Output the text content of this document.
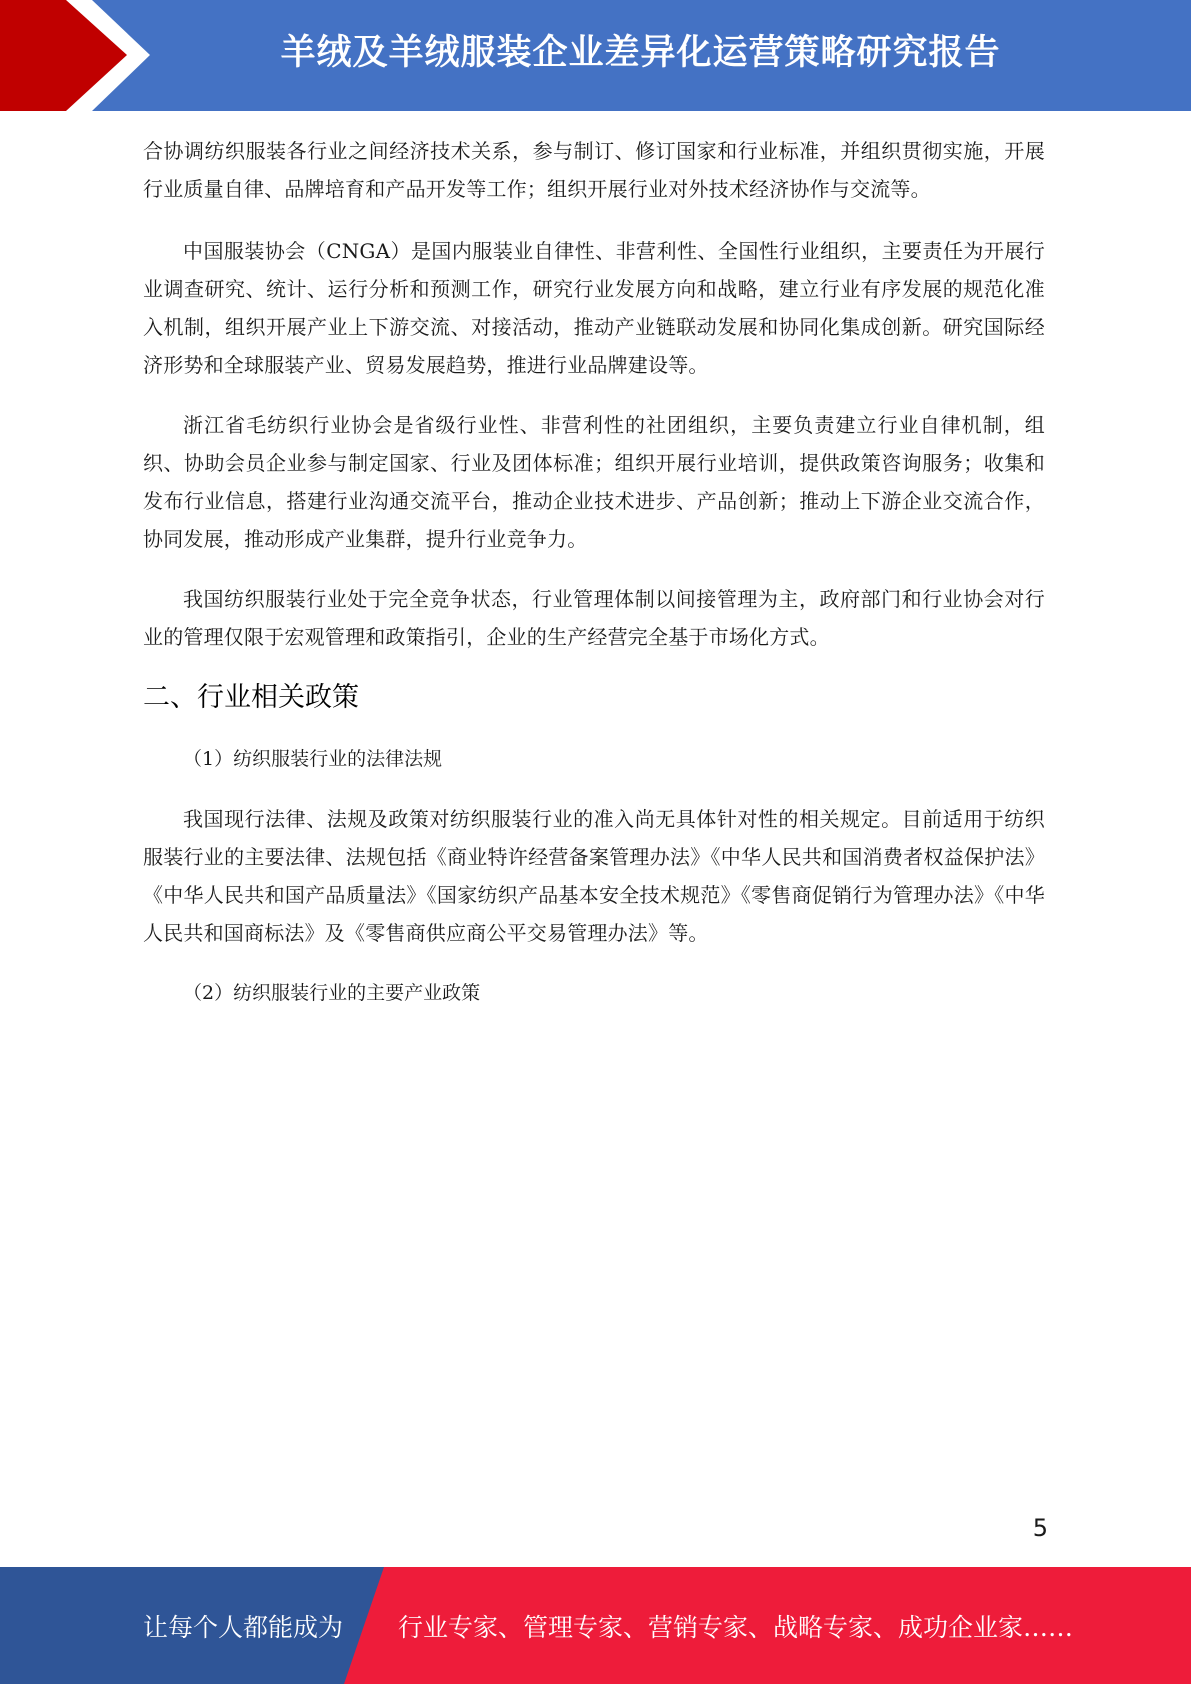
羊绒及羊绒服装企业差异化运营策略研究报告

合协调纺织服装各行业之间经济技术关系，参与制订、修订国家和行业标准，并组织贯彻实施，开展行业质量自律、品牌培育和产品开发等工作；组织开展行业对外技术经济协作与交流等。

中国服装协会（CNGA）是国内服装业自律性、非营利性、全国性行业组织，主要责任为开展行业调查研究、统计、运行分析和预测工作，研究行业发展方向和战略，建立行业有序发展的规范化准入机制，组织开展产业上下游交流、对接活动，推动产业链联动发展和协同化集成创新。研究国际经济形势和全球服装产业、贸易发展趋势，推进行业品牌建设等。

浙江省毛纺织行业协会是省级行业性、非营利性的社团组织，主要负责建立行业自律机制，组织、协助会员企业参与制定国家、行业及团体标准；组织开展行业培训，提供政策咨询服务；收集和发布行业信息，搭建行业沟通交流平台，推动企业技术进步、产品创新；推动上下游企业交流合作，协同发展，推动形成产业集群，提升行业竞争力。

我国纺织服装行业处于完全竞争状态，行业管理体制以间接管理为主，政府部门和行业协会对行业的管理仅限于宏观管理和政策指引，企业的生产经营完全基于市场化方式。

二、行业相关政策

（1）纺织服装行业的法律法规

我国现行法律、法规及政策对纺织服装行业的准入尚无具体针对性的相关规定。目前适用于纺织服装行业的主要法律、法规包括《商业特许经营备案管理办法》《中华人民共和国消费者权益保护法》《中华人民共和国产品质量法》《国家纺织产品基本安全技术规范》《零售商促销行为管理办法》《中华人民共和国商标法》及《零售商供应商公平交易管理办法》等。

（2）纺织服装行业的主要产业政策

5
让每个人都能成为 行业专家、管理专家、营销专家、战略专家、成功企业家……
